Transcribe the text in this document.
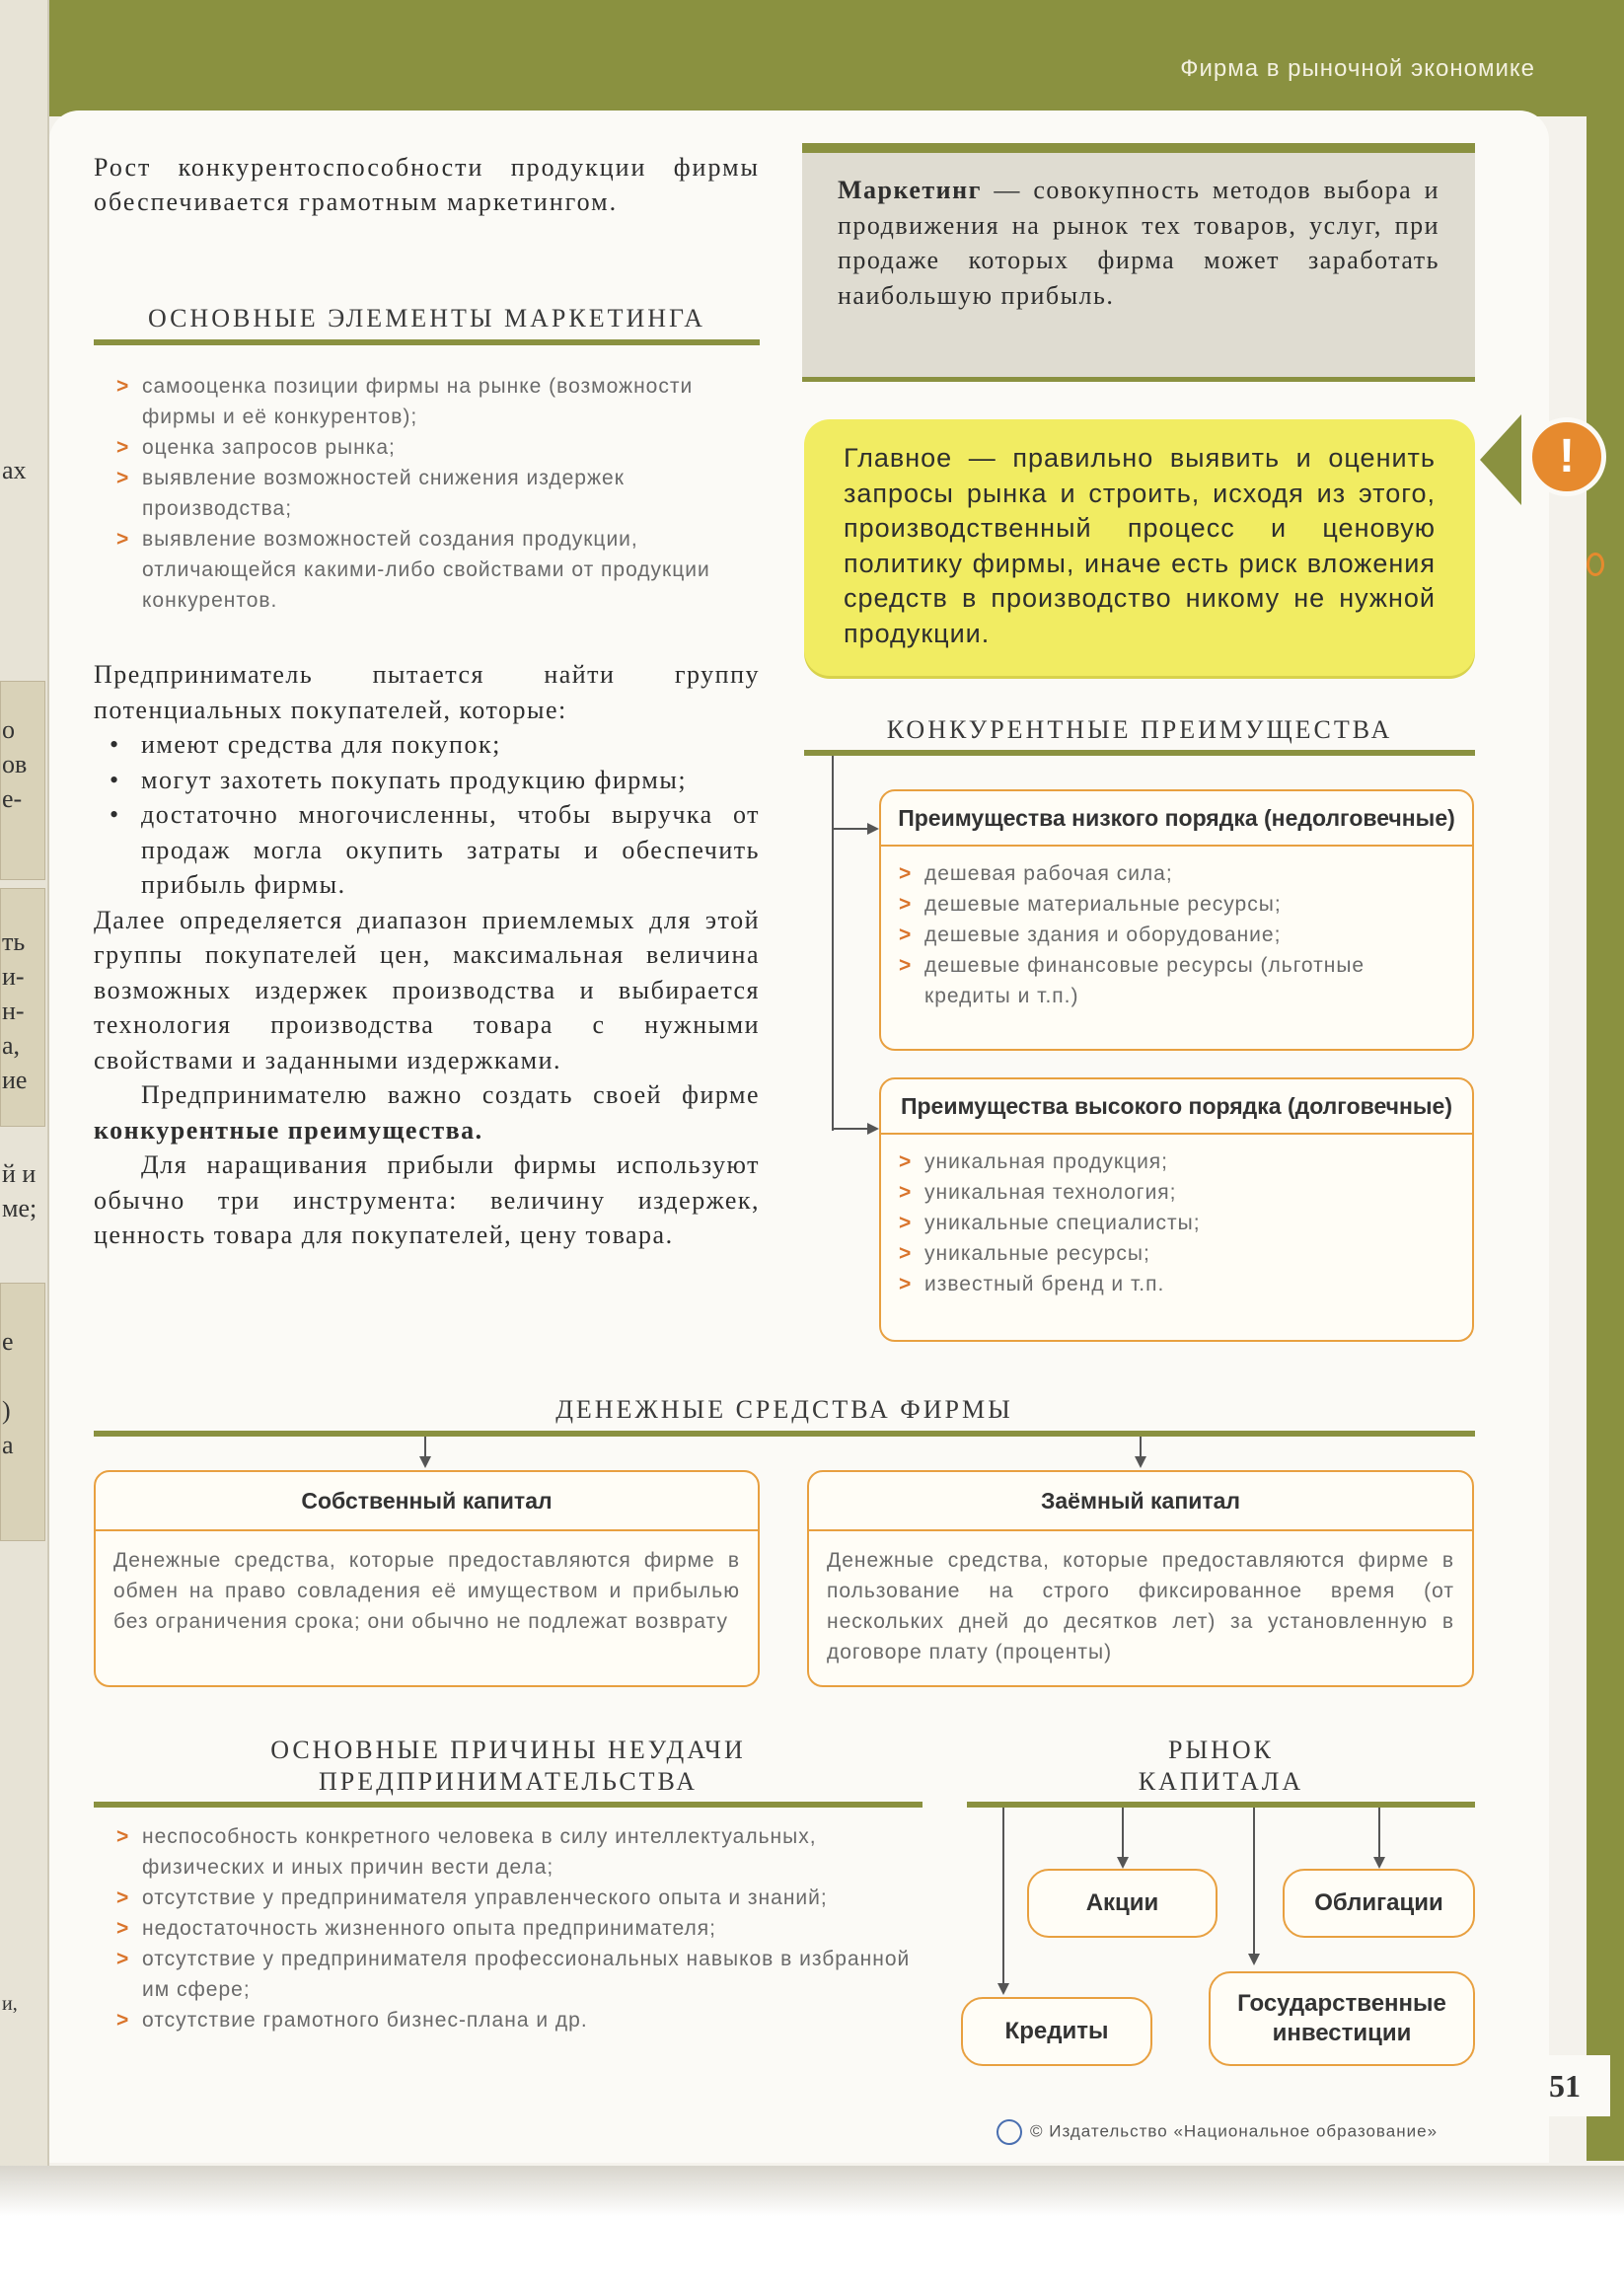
Фирма в рыночной экономике
ах
о
ов
е-
ть
и-
н-
а,
ие
й и
ме;
е
)
а
и,
Рост конкурентоспособности продукции фирмы обеспечивается грамотным маркетингом.
ОСНОВНЫЕ ЭЛЕМЕНТЫ МАРКЕТИНГА
> самооценка позиции фирмы на рынке (возможности фирмы и её конкурентов);
> оценка запросов рынка;
> выявление возможностей снижения издержек производства;
> выявление возможностей создания продукции, отличающейся какими-либо свойствами от продукции конкурентов.

Предприниматель пытается найти группу потенциальных покупателей, которые:

• имеют средства для покупок;
• могут захотеть покупать продукцию фирмы;
• достаточно многочисленны, чтобы выручка от продаж могла окупить затраты и обеспечить прибыль фирмы.

Далее определяется диапазон приемлемых для этой группы покупателей цен, максимальная величина возможных издержек производства и выбирается технология производства товара с нужными свойствами и заданными издержками.

Предпринимателю важно создать своей фирме конкурентные преимущества.

Для наращивания прибыли фирмы используют обычно три инструмента: величину издержек, ценность товара для покупателей, цену товара.

Маркетинг — совокупность методов выбора и продвижения на рынок тех товаров, услуг, при продаже которых фирма может заработать наибольшую прибыль.
Главное — правильно выявить и оценить запросы рынка и строить, исходя из этого, производственный процесс и ценовую политику фирмы, иначе есть риск вложения средств в производство никому не нужной продукции.
!
КОНКУРЕНТНЫЕ ПРЕИМУЩЕСТВА
Преимущества низкого порядка (недолговечные)
> дешевая рабочая сила;
> дешевые материальные ресурсы;
> дешевые здания и оборудование;
> дешевые финансовые ресурсы (льготные кредиты и т.п.)
Преимущества высокого порядка (долговечные)
> уникальная продукция;
> уникальная технология;
> уникальные специалисты;
> уникальные ресурсы;
> известный бренд и т.п.
ДЕНЕЖНЫЕ СРЕДСТВА ФИРМЫ
Собственный капитал
Денежные средства, которые предоставляются фирме в обмен на право совладения её имуществом и прибылью без ограничения срока; они обычно не подлежат возврату
Заёмный капитал
Денежные средства, которые предоставляются фирме в пользование на строго фиксированное время (от нескольких дней до десятков лет) за установленную в договоре плату (проценты)
ОСНОВНЫЕ ПРИЧИНЫ НЕУДАЧИ
ПРЕДПРИНИМАТЕЛЬСТВА
> неспособность конкретного человека в силу интеллектуальных, физических и иных причин вести дела;
> отсутствие у предпринимателя управленческого опыта и знаний;
> недостаточность жизненного опыта предпринимателя;
> отсутствие у предпринимателя профессиональных навыков в избранной им сфере;
> отсутствие грамотного бизнес-плана и др.
РЫНОК
КАПИТАЛА
Акции	Облигации
Кредиты
Государственные инвестиции
51
© Издательство «Национальное образование»
